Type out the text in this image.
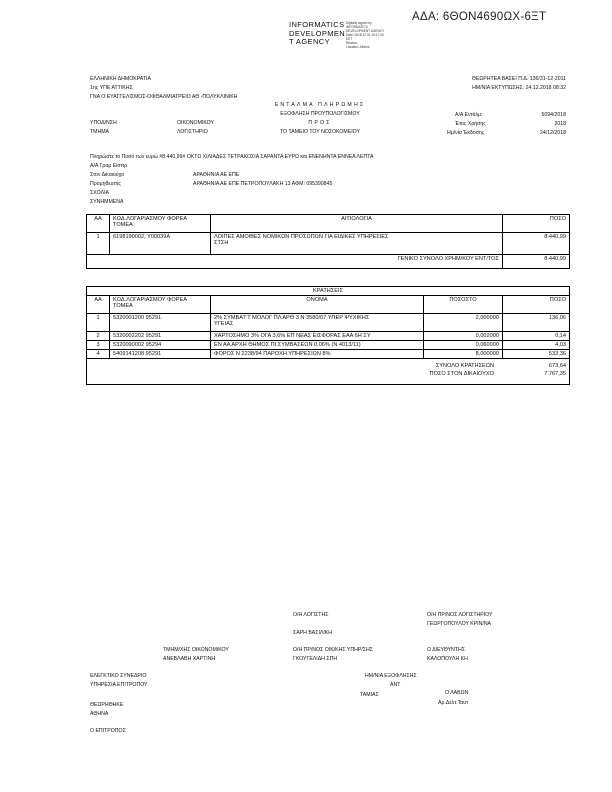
ΑΔΑ: 6ΘΟΝ4690ΩΧ-6ΞΤ
INFORMATICS
DEVELOPMEN
T AGENCY
Digitally signed by
INFORMATICS
DEVELOPMENT AGENCY
Date: 2018.12.31 16:17:26
EET
Reason:
Location: Athens
ΕΛΛΗΝΙΚΗ ΔΗΜΟΚΡΑΤΙΑ
1ης ΥΠΕ ΑΤΤΙΚΗΣ
ΓΝΑ Ο ΕΥΑΓΓΕΛΙΣΜΟΣ-ΟΦΘΑΛΜΙΑΤΡΕΙΟ ΑΘ.-ΠΟΛΥΚΛΙΝΙΚΗ
ΘΕΩΡΗΤΕΑ ΒΑΣΕΙ Π.Δ. 136/31-12-2011
ΗΜ/ΝΙΑ ΕΚΤΥΠΩΣΗΣ: 24.12.2018 08:32
ΕΝΤΑΛΜΑ ΠΛΗΡΩΜΗΣ
ΕΞΟΦΛΗΣΗ ΠΡΟΥΠΟΛΟΓΙΣΜΟΥ
ΠΡΟΣ
ΥΠΟΔ/ΝΣΗ	ΟΙΚΟΝΟΜΙΚΟΥ
ΤΜΗΜΑ	ΛΟΓΙΣΤΗΡΙΟ	ΤΟ ΤΑΜΕΙΟ ΤΟΥ ΝΟΣΟΚΟΜΕΙΟΥ
Α/Α Εντάλμ:	5094/2018
Έτος Χρήσης	2018
Ημ/νία Έκδοσης	24/12/2018
Πληρώστε το Ποσό των ευρώ #8.440,99# ΟΚΤΩ ΧΙΛΙΑΔΕΣ ΤΕΤΡΑΚΟΣΙΑ ΣΑΡΑΝΤΑ ΕΥΡΩ και ΕΝΕΝΗΝΤΑ ΕΝΝΕΑ ΛΕΠΤΑ
Α/Α Γραμ Είσπρ
Στον Δικαιούχο	ΑΡΑΘΗΝΙΑ ΑΕ ΕΠΕ
Προμηθευτής	ΑΡΑΘΗΝΙΑ ΑΕ ΕΠΕ ΠΕΤΡΟΠΟΥΛΑΚΗ 13 ΑΦΜ: 095390845
ΣΧΟΛΙΑ
ΣΥΝΗΜΜΕΝΑ
ΑΑ	ΚΩΔ.ΛΟΓΑΡΙΑΣΜΟΥ ΦΟΡΕΑ
ΤΟΜΕΑ	ΑΙΤΙΟΛΟΓΙΑ	ΠΟΣΟ
1	6198190002, Y00039A	ΛΟΙΠΕΣ ΑΜΟΙΒΕΣ ΝΟΜΙΚΩΝ ΠΡΟΣΩΠΩΝ ΓΙΑ ΕΙΔΙΚΕΣ ΥΠΗΡΕΣΙΕΣ
ΣΤΣΗ	8.440,99
ΓΕΝΙΚΟ ΣΥΝΟΛΟ ΧΡΗΜ/ΚΟΥ ΕΝΤ/ΤΟΣ			8.440,99
ΚΡΑΤΗΣΕΙΣ				
ΑΑ	ΚΩΔ.ΛΟΓΑΡΙΑΣΜΟΥ ΦΟΡΕΑ
ΤΟΜΕΑ	ΟΝΟΜΑ	ΠΟΣΟΣΤΟ	ΠΟΣΟ
1	5320001200 95291	2% ΣΥΜΒΑΤ Τ ΜΟΛΟΓ ΠΛ ΑΡΘ 3 Ν 3580/07 ΥΠΕΡ ΨΥΧΙΚΗΣ
ΥΓΕΙΑΣ	2,000000	136,06
2	5320002202 95291	ΧΑΡΤΟΣΗΜΟ 3% ΟΓΑ 3,6% ΕΠ ΝΕΑΣ ΕΙΣΦΟΡΑΣ ΕΑΑ 6Η ΣΥ	0,002000	0,14
3	5320090002 95294	ΕΝ ΑΑ ΑΡΧΗ ΘΗΜΟΣ ΠΙ ΣΥΜΒΑΣΕΩΝ 0,06% (Ν 4013/11)	0,060000	4,03
4	5409141208 95291	ΦΟΡΟΣ Ν 2238/94 ΠΑΡΟΧΗ ΥΠΗΡΕΣΙΩΝ 8%	8,000000	533,36

ΣΥΝΟΛΟ ΚΡΑΤΗΣΕΩΝ 673,64
ΠΟΣΟ ΣΤΟΝ ΔΙΚΑΙΟΥΧΟ 7.767,35				
Ο/Η ΛΟΓΙΣΤΗΣ
ΣΑΡΗ ΒΑΣΙΛΙΚΗ
Ο/Η ΠΡ/ΝΟΣ ΛΟΓΙΣΤΗΡΙΟΥ
ΓΕΩΡΓΟΠΟΥΛΟΥ ΚΡΙΝ/ΝΑ
ΤΜΗΜ/ΧΗΣ ΟΙΚΟΝΟΜΙΚΟΥ
ΑΝΕΒΛΑΒΗ ΧΑΡΤΙΝΗ
Ο/Η ΠΡ/ΝΟΣ ΟΙΚ/ΚΗΣ ΥΠΗΡ/ΣΗΣ
ΓΚΟΥΓΕΛΙΔΗ ΣΠΗ
Ο ΔΙΕΥΘΥΝΤΗΣ
ΚΑΛΟΠΟΥΛΗ ΚΗ
ΕΛΕΓΚΤΙΚΟ ΣΥΝΕΔΡΙΟ
ΥΠΗΡΕΣΙΑ ΕΠΙΤΡΟΠΟΥ
ΗΜ/ΝΙΑ ΕΞΟΦΛΗΣΗΣ
ΑΝΤ
ΤΑΜΙΑΣ	Ο ΛΑΒΩΝ
Αρ.Δελτ.Ταυτ
ΘΕΩΡΗΘΗΚΕ
ΑΘΗΝΑ
Ο ΕΠΙΤΡΟΠΟΣ
